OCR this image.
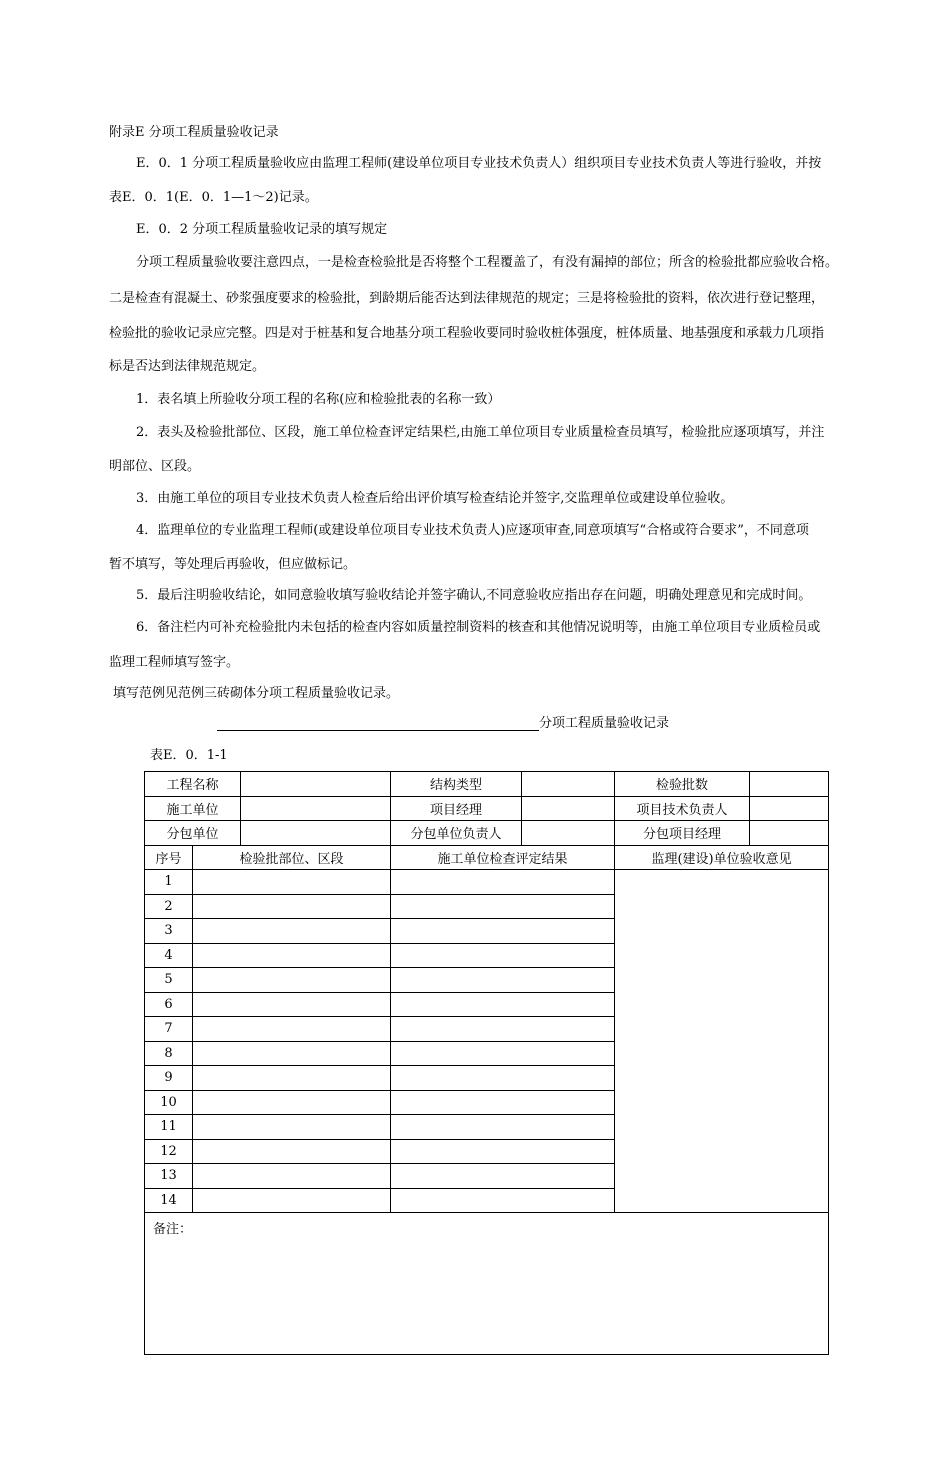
附录E 分项工程质量验收记录
E．0．1 分项工程质量验收应由监理工程师(建设单位项目专业技术负责人）组织项目专业技术负责人等进行验收，并按
表E．0．1(E．0．1—1～2)记录。
E．0．2 分项工程质量验收记录的填写规定
分项工程质量验收要注意四点，一是检查检验批是否将整个工程覆盖了，有没有漏掉的部位；所含的检验批都应验收合格。
二是检查有混凝土、砂浆强度要求的检验批，到龄期后能否达到法律规范的规定；三是将检验批的资料，依次进行登记整理，
检验批的验收记录应完整。四是对于桩基和复合地基分项工程验收要同时验收桩体强度，桩体质量、地基强度和承载力几项指
标是否达到法律规范规定。
1．表名填上所验收分项工程的名称(应和检验批表的名称一致）
2．表头及检验批部位、区段，施工单位检查评定结果栏,由施工单位项目专业质量检查员填写，检验批应逐项填写，并注
明部位、区段。
3．由施工单位的项目专业技术负责人检查后给出评价填写检查结论并签字,交监理单位或建设单位验收。
4．监理单位的专业监理工程师(或建设单位项目专业技术负责人)应逐项审查,同意项填写“合格或符合要求”，不同意项
暂不填写，等处理后再验收，但应做标记。
5．最后注明验收结论，如同意验收填写验收结论并签字确认,不同意验收应指出存在问题，明确处理意见和完成时间。
6．备注栏内可补充检验批内未包括的检查内容如质量控制资料的核查和其他情况说明等，由施工单位项目专业质检员或
监理工程师填写签字。
填写范例见范例三砖砌体分项工程质量验收记录。
分项工程质量验收记录
表E．0．1-1
工程名称			结构类型		检验批数	
施工单位			项目经理		项目技术负责人	
分包单位			分包单位负责人		分包项目经理	
序号	检验批部位、区段		施工单位检查评定结果		监理(建设)单位验收意见	
1						
2						
3						
4						
5						
6						
7						
8						
9						
10						
11						
12						
13						
14						
备注：						
